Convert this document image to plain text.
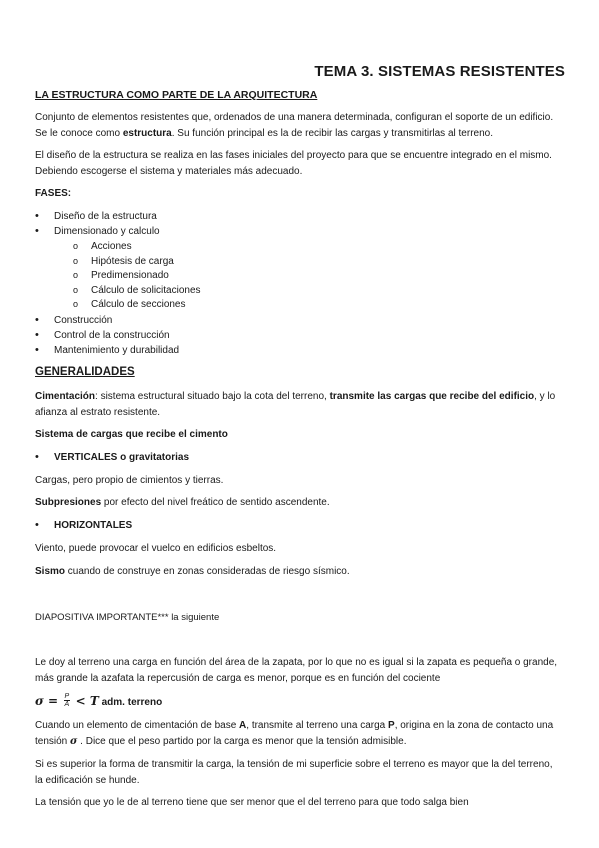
TEMA 3. SISTEMAS RESISTENTES
LA ESTRUCTURA COMO PARTE DE LA ARQUITECTURA
Conjunto de elementos resistentes que, ordenados de una manera determinada, configuran el soporte de un edificio.
Se le conoce como estructura. Su función principal es la de recibir las cargas y transmitirlas al terreno.
El diseño de la estructura se realiza en las fases iniciales del proyecto para que se encuentre integrado en el mismo.
Debiendo escogerse el sistema y materiales más adecuado.
FASES:
• Diseño de la estructura
• Dimensionado y calculo
o Acciones
o Hipótesis de carga
o Predimensionado
o Cálculo de solicitaciones
o Cálculo de secciones
• Construcción
• Control de la construcción
• Mantenimiento y durabilidad
GENERALIDADES
Cimentación: sistema estructural situado bajo la cota del terreno, transmite las cargas que recibe del edificio, y lo
afianza al estrato resistente.
Sistema de cargas que recibe el cimento
• VERTICALES o gravitatorias
Cargas, pero propio de cimientos y tierras.
Subpresiones por efecto del nivel freático de sentido ascendente.
• HORIZONTALES
Viento, puede provocar el vuelco en edificios esbeltos.
Sismo cuando de construye en zonas consideradas de riesgo sísmico.
DIAPOSITIVA IMPORTANTE*** la siguiente
Le doy al terreno una carga en función del área de la zapata, por lo que no es igual si la zapata es pequeña o grande,
más grande la azafata la repercusión de carga es menor, porque es en función del cociente
$\sigma = \frac{P}{A} < T$ adm. terreno
Cuando un elemento de cimentación de base A, transmite al terreno una carga P, origina en la zona de contacto una
tensión σ . Dice que el peso partido por la carga es menor que la tensión admisible.
Si es superior la forma de transmitir la carga, la tensión de mi superficie sobre el terreno es mayor que la del terreno,
la edificación se hunde.
La tensión que yo le de al terreno tiene que ser menor que el del terreno para que todo salga bien
